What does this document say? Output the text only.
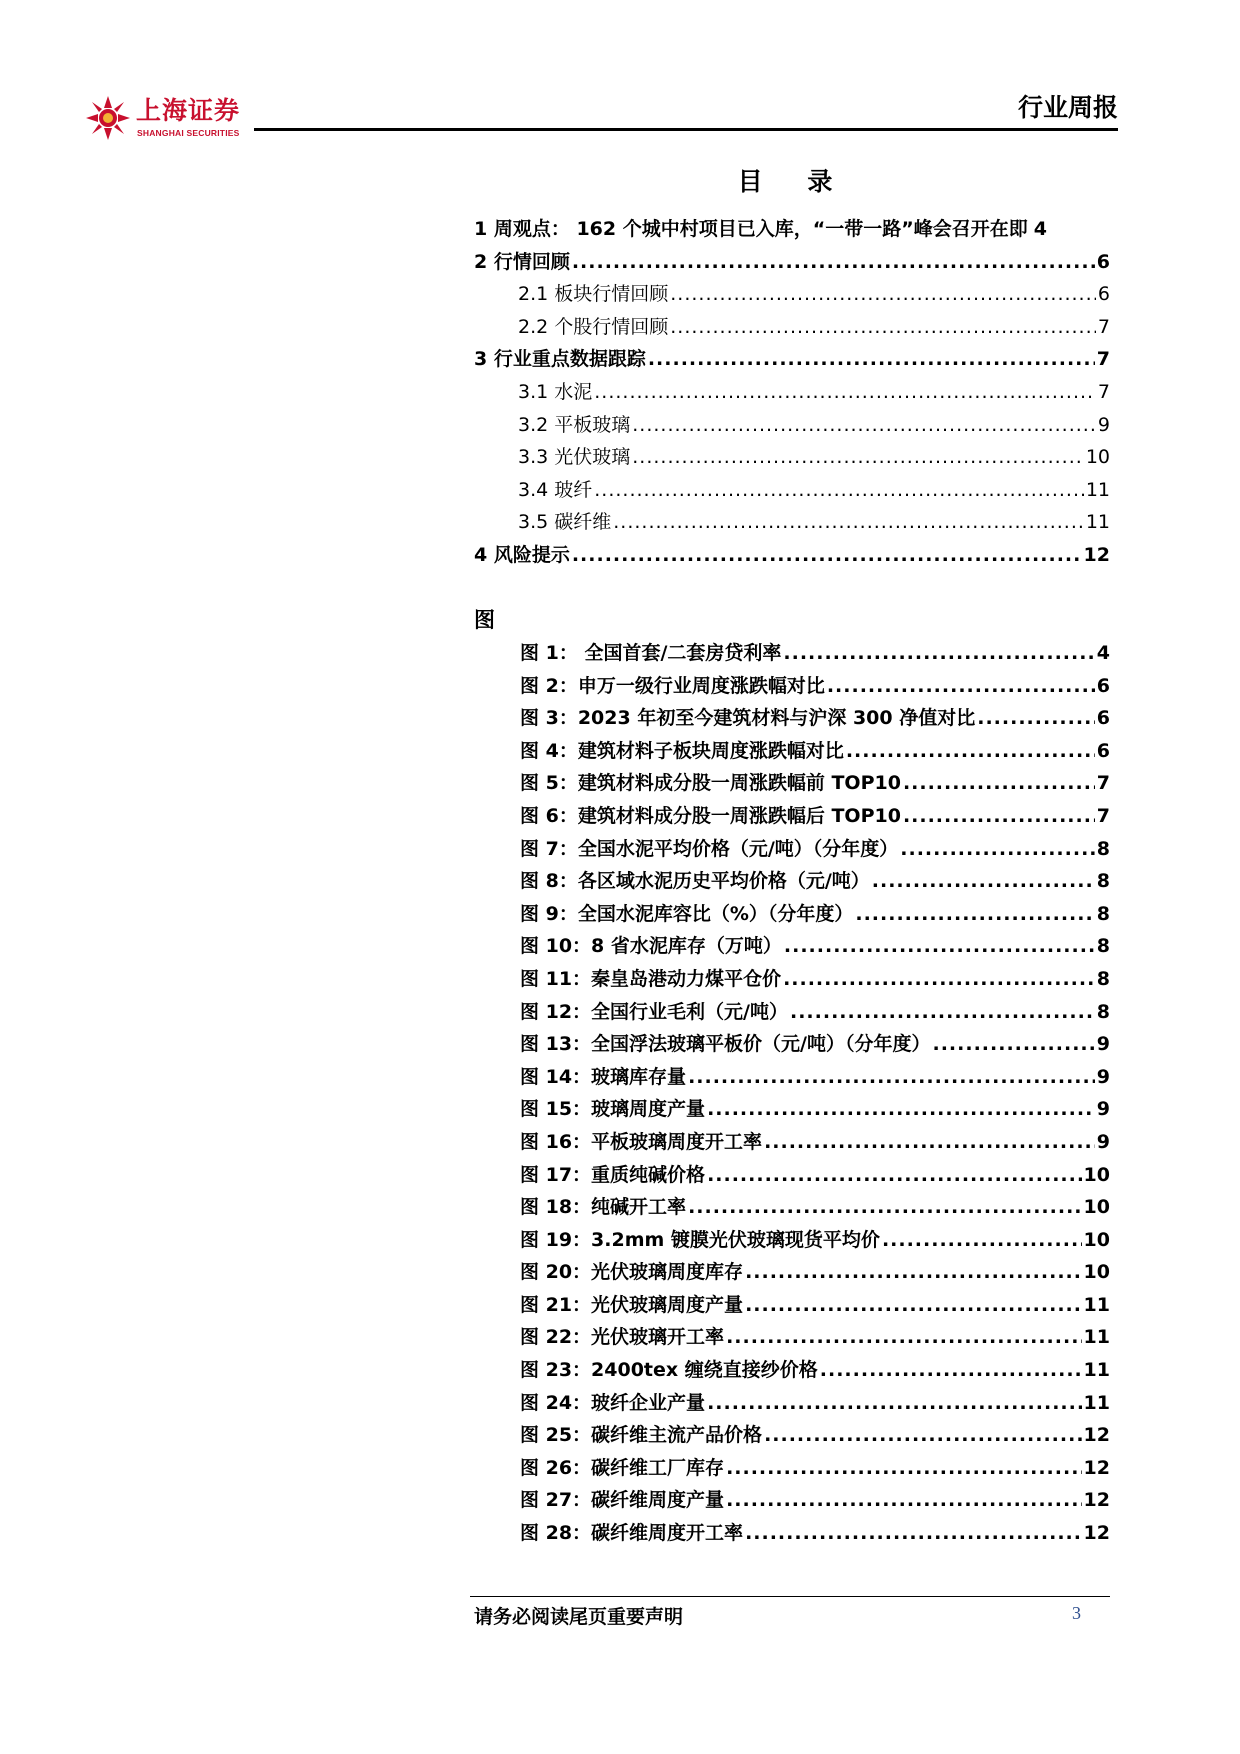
上海证券
SHANGHAI SECURITIES
行业周报
目 录
1 周观点： 162 个城中村项目已入库，“一带一路”峰会召开在即 4
2 行情回顾 .....	6
2.1 板块行情回顾 .....	6
2.2 个股行情回顾 .....	7
3 行业重点数据跟踪 .....	7
3.1 水泥 .....	7
3.2 平板玻璃 .....	9
3.3 光伏玻璃 .....	10
3.4 玻纤 .....	11
3.5 碳纤维 .....	11
4 风险提示 .....	12
图
图 1： 全国首套/二套房贷利率 .....	4
图 2：申万一级行业周度涨跌幅对比 .....	6
图 3：2023 年初至今建筑材料与沪深 300 净值对比 .....	6
图 4：建筑材料子板块周度涨跌幅对比 .....	6
图 5：建筑材料成分股一周涨跌幅前 TOP10 .....	7
图 6：建筑材料成分股一周涨跌幅后 TOP10 .....	7
图 7：全国水泥平均价格（元/吨）（分年度） .....	8
图 8：各区域水泥历史平均价格（元/吨） .....	8
图 9：全国水泥库容比（%）（分年度） .....	8
图 10：8 省水泥库存（万吨） .....	8
图 11：秦皇岛港动力煤平仓价 .....	8
图 12：全国行业毛利（元/吨） .....	8
图 13：全国浮法玻璃平板价（元/吨）（分年度） .....	9
图 14：玻璃库存量 .....	9
图 15：玻璃周度产量 .....	9
图 16：平板玻璃周度开工率 .....	9
图 17：重质纯碱价格 .....	10
图 18：纯碱开工率 .....	10
图 19：3.2mm 镀膜光伏玻璃现货平均价 .....	10
图 20：光伏玻璃周度库存 .....	10
图 21：光伏玻璃周度产量 .....	11
图 22：光伏玻璃开工率 .....	11
图 23：2400tex 缠绕直接纱价格 .....	11
图 24：玻纤企业产量 .....	11
图 25：碳纤维主流产品价格 .....	12
图 26：碳纤维工厂库存 .....	12
图 27：碳纤维周度产量 .....	12
图 28：碳纤维周度开工率 .....	12
请务必阅读尾页重要声明	3
